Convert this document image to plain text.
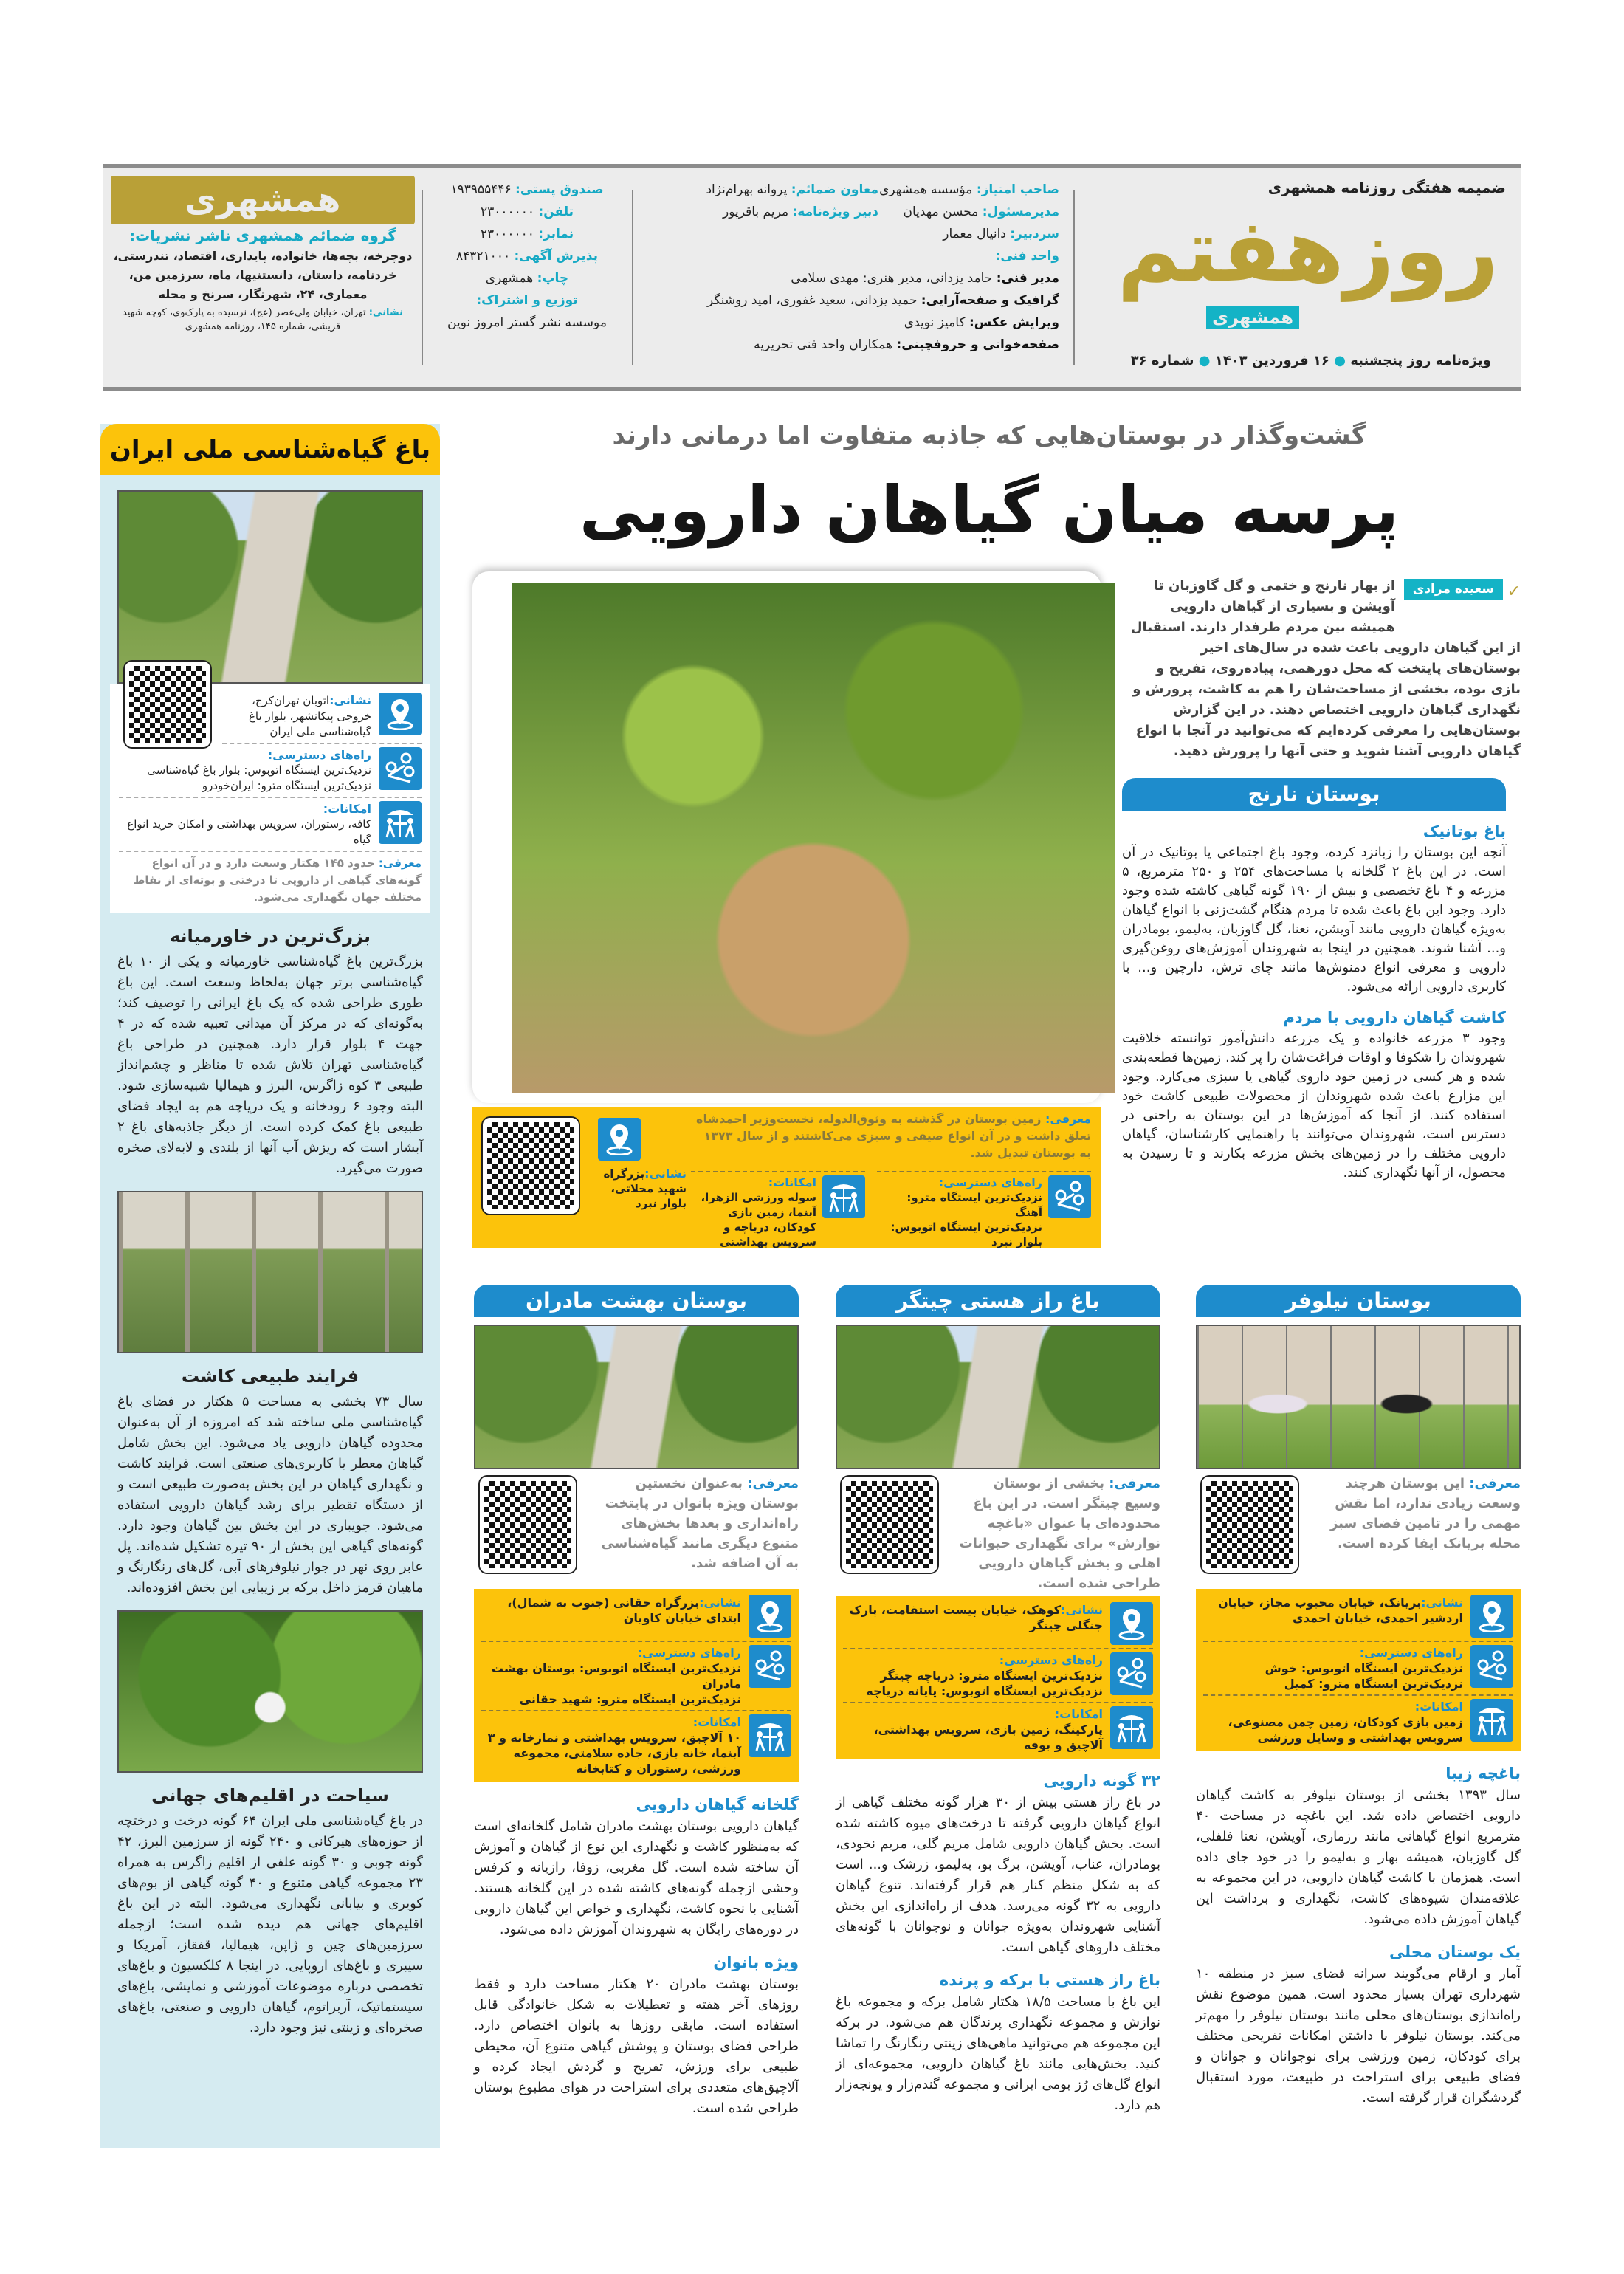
ضمیمه هفتگی روزنامه همشهری
روزهفتم
همشهری
ویژه‌نامه روز پنجشنبه ● ۱۶ فروردین ۱۴۰۳ ● شماره ۳۶
صاحب امتیاز: مؤسسه همشهری
مدیرمسئول: محسن مهدیان
سردبیر: دانیال معمار
واحد فنی:
مدیر فنی: حامد یزدانی، مدیر هنری: مهدی سلامی
گرافیک و صفحه‌آرایی: حمید یزدانی، سعید غفوری، امید روشنگر
ویرایش عکس: کامیز نویدی
صفحه‌خوانی و حروفچینی: همکاران واحد فنی تحریریه
معاون ضمائم: پروانه بهرام‌نژاد
دبیر ویژه‌نامه: مریم باقرپور
صندوق پستی: ۱۹۳۹۵۵۴۴۶
تلفن: ۲۳۰۰۰۰۰۰
نمابر: ۲۳۰۰۰۰۰۰
پذیرش آگهی: ۸۴۳۲۱۰۰۰
چاپ: همشهری
توزیع و اشتراک:
موسسه نشر گستر امروز نوین
همشهری
گروه ضمائم همشهری ناشر نشریات:
دوچرخه، بچه‌ها، خانواده، پایداری، اقتصاد، تندرستی، خردنامه، داستان، دانستنیها، ماه، سرزمین من، معماری، ۲۴، شهرنگار، سرنخ و محله
نشانی: تهران، خیابان ولی‌عصر (عج)، نرسیده به پارک‌وی، کوچه شهید قریشی، شماره ۱۴۵، روزنامه همشهری
گشت‌وگذار در بوستان‌هایی که جاذبه متفاوت اما درمانی دارند
پرسه میان گیاهان دارویی
معرفی: زمین بوستان در گذشته به وثوق‌الدوله، نخست‌وزیر احمدشاه تعلق داشت و در آن انواع صیفی و سبزی می‌کاشتند و از سال ۱۳۷۳ به بوستان تبدیل شد.
نشانی:بزرگراه شهید محلاتی، بلوار نبرد
راه‌های دسترسی:
نزدیک‌ترین ایستگاه مترو: آهنگ
نزدیک‌ترین ایستگاه اتوبوس: بلوار نبرد
امکانات:
سوله ورزشی الزهرا، آبنما، زمین بازی کودکان، دریاچه و سرویس بهداشتی
✓
سعیده مرادی
از بهار نارنج و ختمی و گل گاوزبان تا آویشن و بسیاری از گیاهان دارویی همیشه بین مردم طرفدار دارند. استقبال از این گیاهان دارویی باعث شده در سال‌های اخیر بوستان‌های پایتخت که محل دورهمی، پیاده‌روی، تفریح و بازی بوده، بخشی از مساحت‌شان را هم به کاشت، پرورش و نگهداری گیاهان دارویی اختصاص دهند. در این گزارش بوستان‌هایی را معرفی کرده‌ایم که می‌توانید در آنجا با انواع گیاهان دارویی آشنا شوید و حتی آنها را پرورش دهید.
بوستان نارنج
باغ بوتانیک
آنچه این بوستان را زبانزد کرده، وجود باغ اجتماعی یا بوتانیک در آن است. در این باغ ۲ گلخانه با مساحت‌های ۲۵۴ و ۲۵۰ مترمربع، ۵ مزرعه و ۴ باغ تخصصی و بیش از ۱۹۰ گونه گیاهی کاشته شده وجود دارد. وجود این باغ باعث شده تا مردم هنگام گشت‌زنی با انواع گیاهان به‌ویژه گیاهان دارویی مانند آویشن، نعنا، گل گاوزبان، به‌لیمو، بومادران و... آشنا شوند. همچنین در اینجا به شهروندان آموزش‌های روغن‌گیری دارویی و معرفی انواع دمنوش‌ها مانند چای ترش، دارچین و... با کاربری دارویی ارائه می‌شود.
کاشت گیاهان دارویی با مردم
وجود ۳ مزرعه خانواده و یک مزرعه دانش‌آموز توانسته خلاقیت شهروندان را شکوفا و اوقات فراغت‌شان را پر کند. زمین‌ها قطعه‌بندی شده و هر کسی در زمین خود داروی گیاهی یا سبزی می‌کارد. وجود این مزارع باعث شده شهروندان از محصولات طبیعی کاشت خود استفاده کنند. از آنجا که آموزش‌ها در این بوستان به راحتی در دسترس است، شهروندان می‌توانند با راهنمایی کارشناسان، گیاهان دارویی مختلف را در زمین‌های بخش مزرعه بکارند و تا رسیدن به محصول، از آنها نگهداری کنند.
نشانی:اتوبان تهران‌کرج، خروجی پیکانشهر، بلوار باغ گیاه‌شناسی ملی ایران
راه‌های دسترسی:
نزدیک‌ترین ایستگاه اتوبوس: بلوار باغ گیاه‌شناسی
نزدیک‌ترین ایستگاه مترو: ایران‌خودرو
امکانات:
کافه، رستوران، سرویس بهداشتی و امکان خرید انواع گیاه
معرفی: حدود ۱۴۵ هکتار وسعت دارد و در آن انواع گونه‌های گیاهی از دارویی تا درختی و بوته‌ای از نقاط مختلف جهان نگهداری می‌شود.
بزرگ‌ترین در خاورمیانه
بزرگ‌ترین باغ گیاه‌شناسی خاورمیانه و یکی از ۱۰ باغ گیاه‌شناسی برتر جهان به‌لحاظ وسعت است. این باغ طوری طراحی شده که یک باغ ایرانی را توصیف کند؛ به‌گونه‌ای که در مرکز آن میدانی تعبیه شده که در ۴ جهت ۴ بلوار قرار دارد. همچنین در طراحی باغ گیاه‌شناسی تهران تلاش شده تا مناظر و چشم‌انداز طبیعی ۳ کوه زاگرس، البرز و هیمالیا شبیه‌سازی شود. البته وجود ۶ رودخانه و یک دریاچه هم به ایجاد فضای طبیعی باغ کمک کرده است. از دیگر جاذبه‌های باغ ۲ آبشار است که ریزش آب آنها از بلندی و لابه‌لای صخره صورت می‌گیرد.
فرایند طبیعی کاشت
سال ۷۳ بخشی به مساحت ۵ هکتار در فضای باغ گیاه‌شناسی ملی ساخته شد که امروزه از آن به‌عنوان محدوده گیاهان دارویی یاد می‌شود. این بخش شامل گیاهان معطر یا کاربری‌های صنعتی است. فرایند کاشت و نگهداری گیاهان در این بخش به‌صورت طبیعی است و از دستگاه تقطیر برای رشد گیاهان دارویی استفاده می‌شود. جویباری در این بخش بین گیاهان وجود دارد. گونه‌های گیاهی این بخش از ۹۰ تیره تشکیل شده‌اند. پل عابر روی نهر در جوار نیلوفرهای آبی، گل‌های رنگارنگ و ماهیان قرمز داخل برکه بر زیبایی این بخش افزوده‌اند.
سیاحت در اقلیم‌های جهانی
در باغ گیاه‌شناسی ملی ایران ۶۴ گونه درخت و درختچه از حوزه‌های هیرکانی و ۲۴۰ گونه از سرزمین البرز، ۴۲ گونه چوبی و ۳۰ گونه علفی از اقلیم زاگرس به همراه ۲۳ مجموعه گیاهی متنوع و ۴۰ گونه گیاهی از بوم‌های کویری و بیابانی نگهداری می‌شود. البته در این باغ اقلیم‌های جهانی هم دیده شده است؛ ازجمله سرزمین‌های چین و ژاپن، هیمالیا، قفقاز، آمریکا و سیبری و باغ‌های اروپایی. در اینجا ۸ کلکسیون و باغ‌های تخصصی درباره موضوعات آموزشی و نمایشی، باغ‌های سیستماتیک، آربراتوم، گیاهان دارویی و صنعتی، باغ‌های صخره‌ای و زینتی نیز وجود دارد.
باغ گیاه‌شناسی ملی ایران
بوستان بهشت مادران
معرفی: به‌عنوان نخستین بوستان ویژه بانوان در پایتخت راه‌اندازی و بعدها بخش‌های متنوع دیگری مانند گیاه‌شناسی به آن اضافه شد.
نشانی:بزرگراه حقانی (جنوب به شمال)، ابتدای خیابان کاویان
راه‌های دسترسی:
نزدیک‌ترین ایستگاه اتوبوس: بوستان بهشت مادران
نزدیک‌ترین ایستگاه مترو: شهید حقانی
امکانات:
۱۰ آلاچیق، سرویس بهداشتی و نمازخانه و ۳ آبنما، خانه بازی، جاده سلامتی، مجموعه ورزشی، رستوران و کتابخانه
گلخانه گیاهان دارویی
گیاهان دارویی بوستان بهشت مادران شامل گلخانه‌ای است که به‌منظور کاشت و نگهداری این نوع از گیاهان و آموزش آن ساخته شده است. گل مغربی، زوفا، رازیانه و کرفس وحشی ازجمله گونه‌های کاشته شده در این گلخانه هستند. آشنایی با نحوه کاشت، نگهداری و خواص این گیاهان دارویی در دوره‌های رایگان به شهروندان آموزش داده می‌شود.
ویژه بانوان
بوستان بهشت مادران ۲۰ هکتار مساحت دارد و فقط روزهای آخر هفته و تعطیلات به شکل خانوادگی قابل استفاده است. مابقی روزها به بانوان اختصاص دارد. طراحی فضای بوستان و پوشش گیاهی متنوع آن، محیطی طبیعی برای ورزش، تفریح و گردش ایجاد کرده و آلاچیق‌های متعددی برای استراحت در هوای مطبوع بوستان طراحی شده است.
باغ راز هستی چیتگر
معرفی: بخشی از بوستان وسیع چیتگر است. در این باغ محدوده‌ای با عنوان «باغچه نوازش» برای نگهداری حیوانات اهلی و بخش گیاهان دارویی طراحی شده است.
نشانی:کوهک، خیابان پیست استقامت، پارک جنگلی چیتگر
راه‌های دسترسی:
نزدیک‌ترین ایستگاه مترو: دریاچه چیتگر
نزدیک‌ترین ایستگاه اتوبوس: پایانه دریاچه
امکانات:
پارکینگ، زمین بازی، سرویس بهداشتی، آلاچیق و بوفه
۳۲ گونه دارویی
در باغ راز هستی بیش از ۳۰ هزار گونه مختلف گیاهی از انواع گیاهان دارویی گرفته تا درخت‌های میوه کاشته شده است. بخش گیاهان دارویی شامل مریم گلی، مریم نخودی، بومادران، عناب، آویشن، برگ بو، به‌لیمو، زرشک و... است که به شکل منظم کنار هم قرار گرفته‌اند. تنوع گیاهان دارویی به ۳۲ گونه می‌رسد. هدف از راه‌اندازی این بخش آشنایی شهروندان به‌ویژه جوانان و نوجوانان با گونه‌های مختلف داروهای گیاهی است.
باغ راز هستی با برکه و پرنده
این باغ با مساحت ۱۸/۵ هکتار شامل برکه و مجموعه باغ نوازش و مجموعه نگهداری پرندگان هم می‌شود. در برکه این مجموعه هم می‌توانید ماهی‌های زینتی رنگارنگ را تماشا کنید. بخش‌هایی مانند باغ گیاهان دارویی، مجموعه‌ای از انواع گل‌های رُز بومی ایرانی و مجموعه گندم‌زار و یونجه‌زار هم دارد.
بوستان نیلوفر
معرفی: این بوستان هرچند وسعت زیادی ندارد، اما نقش مهمی را در تامین فضای سبز محله بریانک ایفا کرده است.
نشانی:بریانک، خیابان محبوب مجاز، خیابان اردشیر احمدی، خیابان احمدی
راه‌های دسترسی:
نزدیک‌ترین ایستگاه اتوبوس: خوش
نزدیک‌ترین ایستگاه مترو: کمیل
امکانات:
زمین بازی کودکان، زمین چمن مصنوعی، سرویس بهداشتی و وسایل ورزشی
باغچه زیبا
سال ۱۳۹۳ بخشی از بوستان نیلوفر به کاشت گیاهان دارویی اختصاص داده شد. این باغچه در مساحت ۴۰ مترمربع انواع گیاهانی مانند رزماری، آویشن، نعنا فلفلی، گل گاوزبان، همیشه بهار و به‌لیمو را در خود جای داده است. همزمان با کاشت گیاهان دارویی، در این مجموعه به علاقه‌مندان شیوه‌های کاشت، نگهداری و برداشت این گیاهان آموزش داده می‌شود.
یک بوستان محلی
آمار و ارقام می‌گویند سرانه فضای سبز در منطقه ۱۰ شهرداری تهران بسیار محدود است. همین موضوع نقش راه‌اندازی بوستان‌های محلی مانند بوستان نیلوفر را مهم‌تر می‌کند. بوستان نیلوفر با داشتن امکانات تفریحی مختلف برای کودکان، زمین ورزشی برای نوجوانان و جوانان و فضای طبیعی برای استراحت در طبیعت، مورد استقبال گردشگران قرار گرفته است.
